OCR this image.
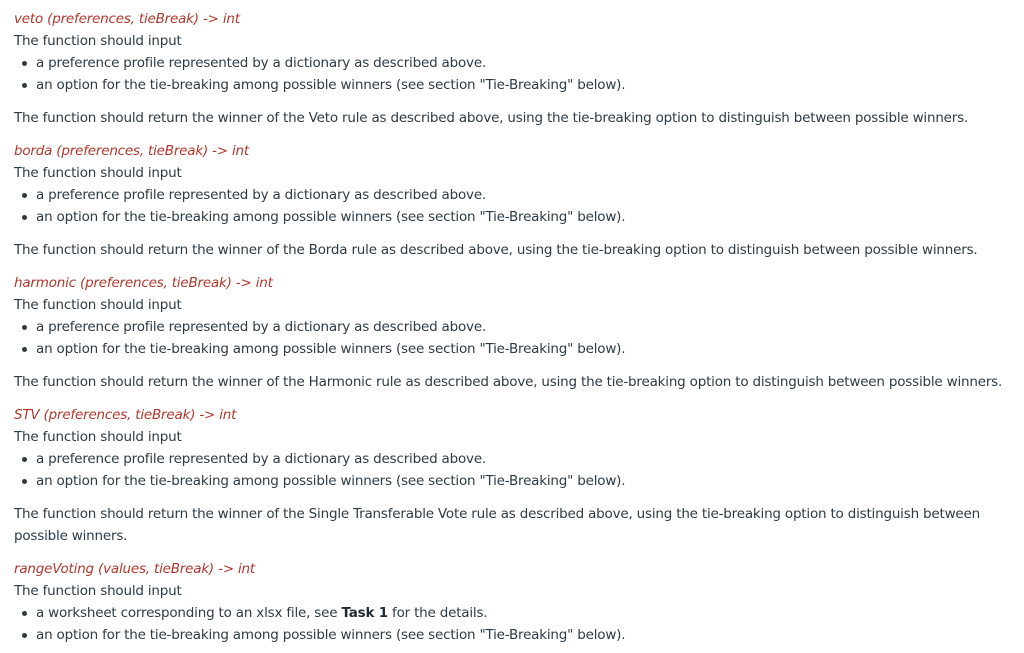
veto (preferences, tieBreak) -> int

The function should input

a preference profile represented by a dictionary as described above.
an option for the tie-breaking among possible winners (see section "Tie-Breaking" below).

The function should return the winner of the Veto rule as described above, using the tie-breaking option to distinguish between possible winners.

borda (preferences, tieBreak) -> int

The function should input

a preference profile represented by a dictionary as described above.
an option for the tie-breaking among possible winners (see section "Tie-Breaking" below).

The function should return the winner of the Borda rule as described above, using the tie-breaking option to distinguish between possible winners.

harmonic (preferences, tieBreak) -> int

The function should input

a preference profile represented by a dictionary as described above.
an option for the tie-breaking among possible winners (see section "Tie-Breaking" below).

The function should return the winner of the Harmonic rule as described above, using the tie-breaking option to distinguish between possible winners.

STV (preferences, tieBreak) -> int

The function should input

a preference profile represented by a dictionary as described above.
an option for the tie-breaking among possible winners (see section "Tie-Breaking" below).

The function should return the winner of the Single Transferable Vote rule as described above, using the tie-breaking option to distinguish between possible winners.

rangeVoting (values, tieBreak) -> int

The function should input

a worksheet corresponding to an xlsx file, see Task 1 for the details.
an option for the tie-breaking among possible winners (see section "Tie-Breaking" below).
